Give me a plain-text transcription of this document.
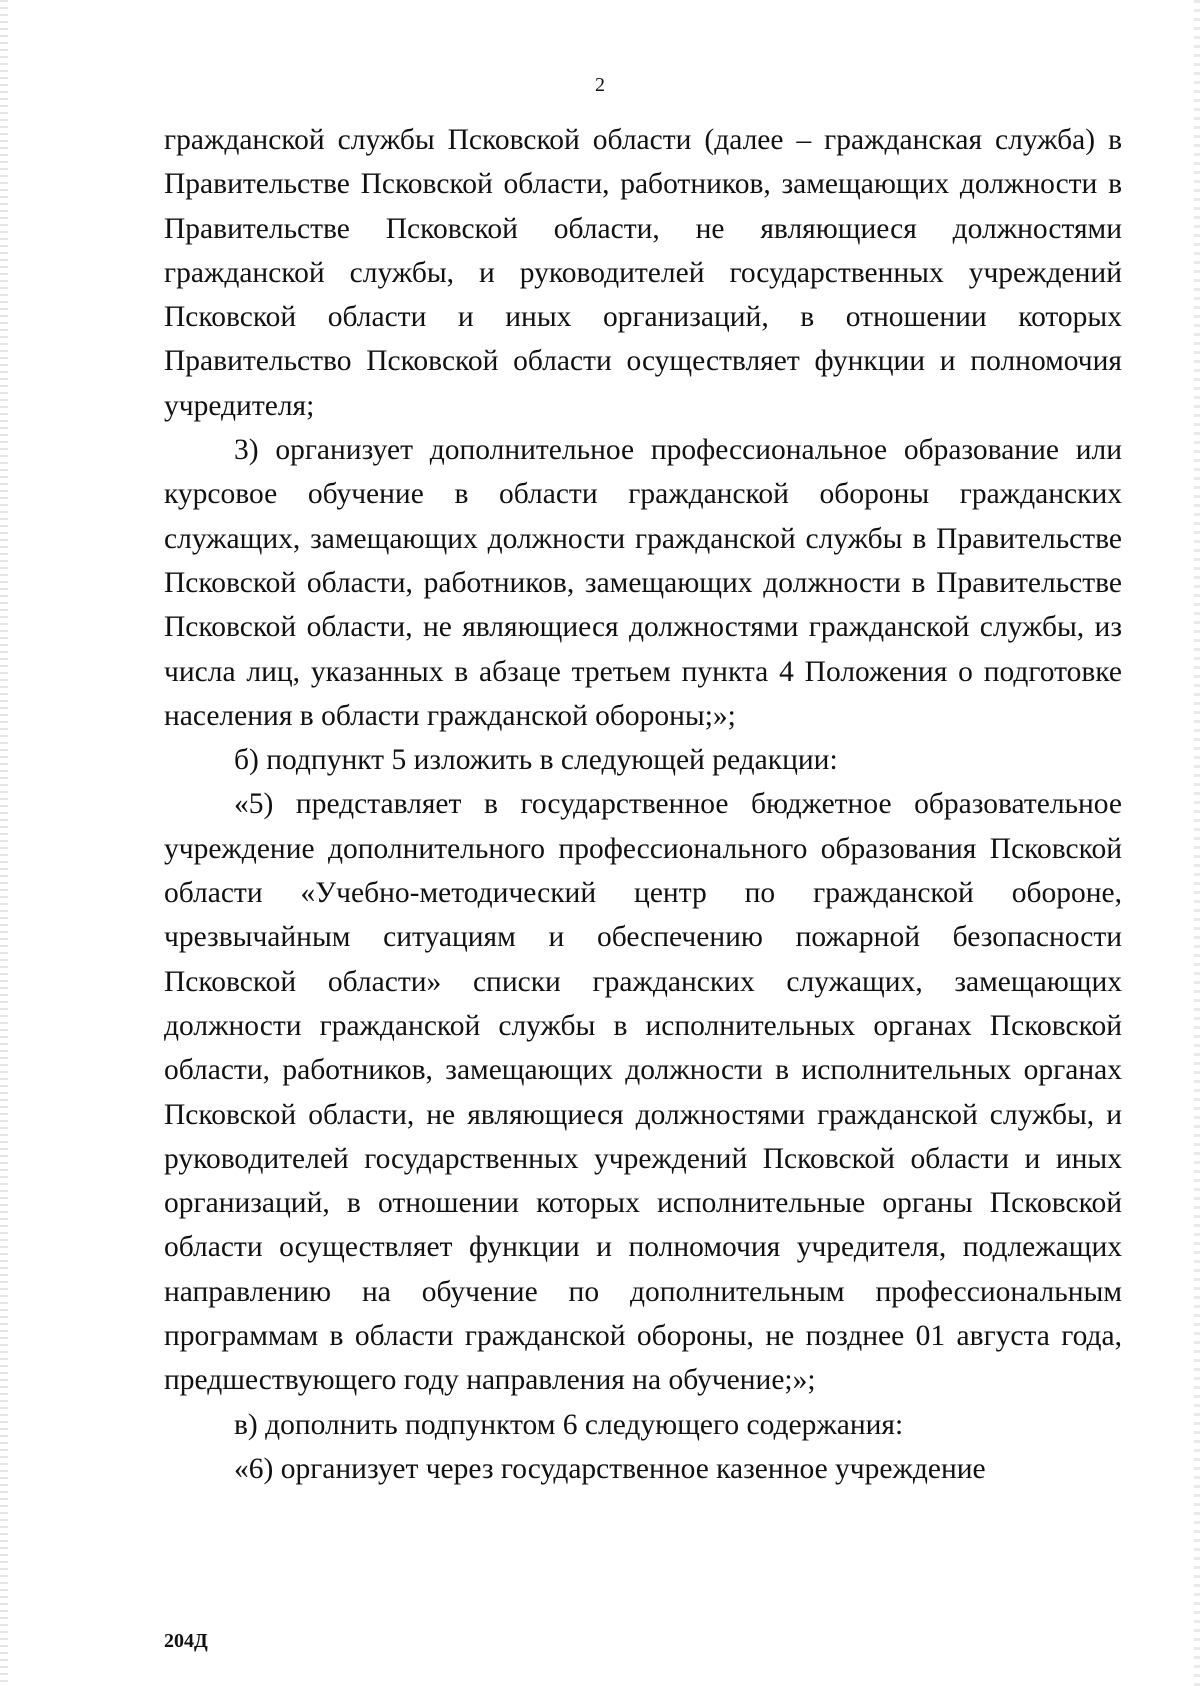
2

гражданской службы Псковской области (далее – гражданская служба) в Правительстве Псковской области, работников, замещающих должности в Правительстве Псковской области, не являющиеся должностями гражданской службы, и руководителей государственных учреждений Псковской области и иных организаций, в отношении которых Правительство Псковской области осуществляет функции и полномочия учредителя;

3) организует дополнительное профессиональное образование или курсовое обучение в области гражданской обороны гражданских служащих, замещающих должности гражданской службы в Правительстве Псковской области, работников, замещающих должности в Правительстве Псковской области, не являющиеся должностями гражданской службы, из числа лиц, указанных в абзаце третьем пункта 4 Положения о подготовке населения в области гражданской обороны;»;

б) подпункт 5 изложить в следующей редакции:

«5) представляет в государственное бюджетное образовательное учреждение дополнительного профессионального образования Псковской области «Учебно-методический центр по гражданской обороне, чрезвычайным ситуациям и обеспечению пожарной безопасности Псковской области» списки гражданских служащих, замещающих должности гражданской службы в исполнительных органах Псковской области, работников, замещающих должности в исполнительных органах Псковской области, не являющиеся должностями гражданской службы, и руководителей государственных учреждений Псковской области и иных организаций, в отношении которых исполнительные органы Псковской области осуществляет функции и полномочия учредителя, подлежащих направлению на обучение по дополнительным профессиональным программам в области гражданской обороны, не позднее 01 августа года, предшествующего году направления на обучение;»;

в) дополнить подпунктом 6 следующего содержания:

«6) организует через государственное казенное учреждение

204Д
